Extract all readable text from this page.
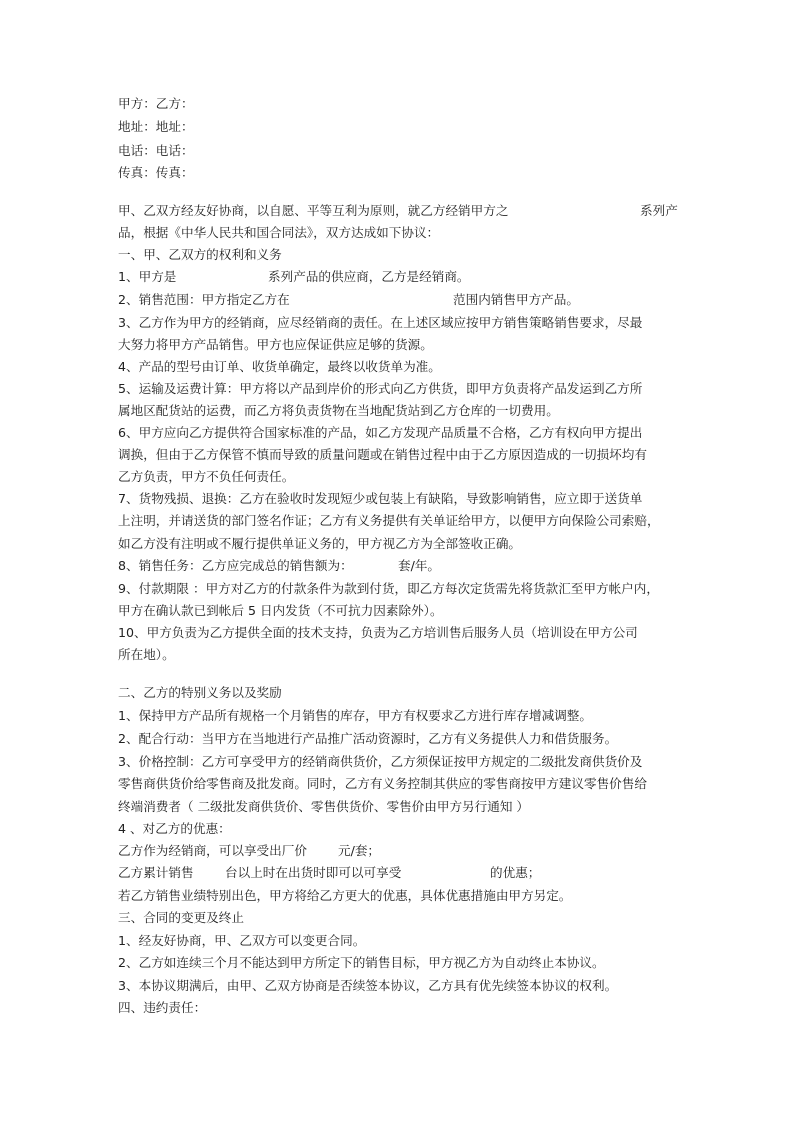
甲方：乙方：
地址：地址：
电话：电话：
传真：传真：
甲、乙双方经友好协商，以自愿、平等互利为原则，就乙方经销甲方之	系列产
品，根据《中华人民共和国合同法》，双方达成如下协议：
一、甲、乙双方的权利和义务
1、甲方是	系列产品的供应商，乙方是经销商。
2、销售范围：甲方指定乙方在	范围内销售甲方产品。
3、乙方作为甲方的经销商，应尽经销商的责任。在上述区域应按甲方销售策略销售要求，尽最
大努力将甲方产品销售。甲方也应保证供应足够的货源。
4、产品的型号由订单、收货单确定，最终以收货单为准。
5、运输及运费计算：甲方将以产品到岸价的形式向乙方供货，即甲方负责将产品发运到乙方所
属地区配货站的运费，而乙方将负责货物在当地配货站到乙方仓库的一切费用。
6、甲方应向乙方提供符合国家标准的产品，如乙方发现产品质量不合格，乙方有权向甲方提出
调换，但由于乙方保管不慎而导致的质量问题或在销售过程中由于乙方原因造成的一切损坏均有
乙方负责，甲方不负任何责任。
7、货物残损、退换：乙方在验收时发现短少或包装上有缺陷，导致影响销售，应立即于送货单
上注明，并请送货的部门签名作证；乙方有义务提供有关单证给甲方，以便甲方向保险公司索赔，
如乙方没有注明或不履行提供单证义务的，甲方视乙方为全部签收正确。
8、销售任务：乙方应完成总的销售额为：	套/年。
9、付款期限 ：甲方对乙方的付款条件为款到付货，即乙方每次定货需先将货款汇至甲方帐户内，
甲方在确认款已到帐后 5 日内发货（不可抗力因素除外）。
10、甲方负责为乙方提供全面的技术支持，负责为乙方培训售后服务人员（培训设在甲方公司
所在地）。
二、乙方的特别义务以及奖励
1、保持甲方产品所有规格一个月销售的库存，甲方有权要求乙方进行库存增减调整。
2、配合行动：当甲方在当地进行产品推广活动资源时，乙方有义务提供人力和借货服务。
3、价格控制：乙方可享受甲方的经销商供货价，乙方须保证按甲方规定的二级批发商供货价及
零售商供货价给零售商及批发商。同时，乙方有义务控制其供应的零售商按甲方建议零售价售给
终端消费者（ 二级批发商供货价、零售供货价、零售价由甲方另行通知 ）
4 、对乙方的优惠：
乙方作为经销商，可以享受出厂价 元/套；
乙方累计销售 台以上时在出货时即可以可享受	的优惠；
若乙方销售业绩特别出色，甲方将给乙方更大的优惠，具体优惠措施由甲方另定。
三、合同的变更及终止
1、经友好协商，甲、乙双方可以变更合同。
2、乙方如连续三个月不能达到甲方所定下的销售目标，甲方视乙方为自动终止本协议。
3、本协议期满后，由甲、乙双方协商是否续签本协议，乙方具有优先续签本协议的权利。
四、违约责任：
